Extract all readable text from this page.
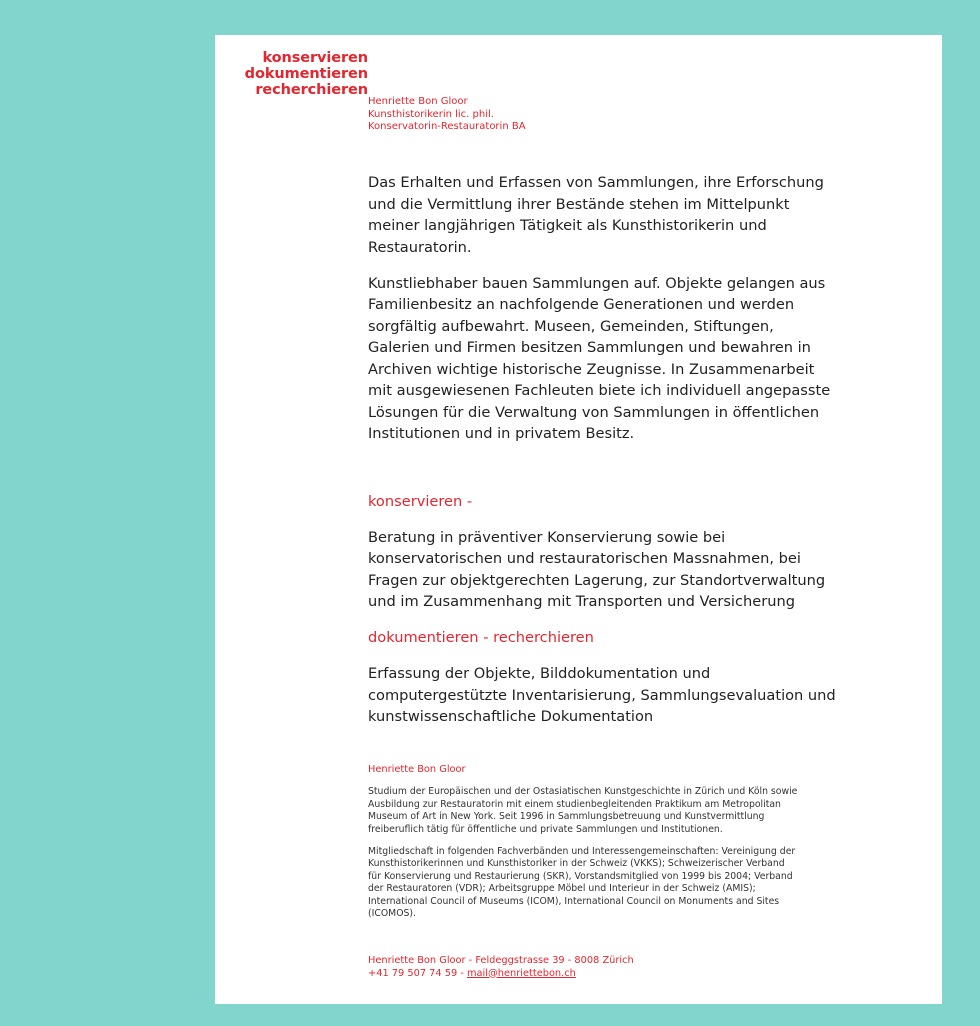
konservieren
dokumentieren
recherchieren
Henriette Bon Gloor
Kunsthistorikerin lic. phil.
Konservatorin-Restauratorin BA

Das Erhalten und Erfassen von Sammlungen, ihre Erforschung und die Vermittlung ihrer Bestände stehen im Mittelpunkt meiner langjährigen Tätigkeit als Kunsthistorikerin und Restauratorin.

Kunstliebhaber bauen Sammlungen auf. Objekte gelangen aus Familienbesitz an nachfolgende Generationen und werden sorgfältig aufbewahrt. Museen, Gemeinden, Stiftungen, Galerien und Firmen besitzen Sammlungen und bewahren in Archiven wichtige historische Zeugnisse. In Zusammenarbeit mit ausgewiesenen Fachleuten biete ich individuell angepasste Lösungen für die Verwaltung von Sammlungen in öffentlichen Institutionen und in privatem Besitz.

konservieren -

Beratung in präventiver Konservierung sowie bei konservatorischen und restauratorischen Massnahmen, bei Fragen zur objektgerechten Lagerung, zur Standortverwaltung und im Zusammenhang mit Transporten und Versicherung

dokumentieren - recherchieren

Erfassung der Objekte, Bilddokumentation und computergestützte Inventarisierung, Sammlungsevaluation und kunstwissenschaftliche Dokumentation

Henriette Bon Gloor

Studium der Europäischen und der Ostasiatischen Kunstgeschichte in Zürich und Köln sowie Ausbildung zur Restauratorin mit einem studienbegleitenden Praktikum am Metropolitan Museum of Art in New York. Seit 1996 in Sammlungsbetreuung und Kunstvermittlung freiberuflich tätig für öffentliche und private Sammlungen und Institutionen.

Mitgliedschaft in folgenden Fachverbänden und Interessengemeinschaften: Vereinigung der Kunsthistorikerinnen und Kunsthistoriker in der Schweiz (VKKS); Schweizerischer Verband für Konservierung und Restaurierung (SKR), Vorstandsmitglied von 1999 bis 2004; Verband der Restauratoren (VDR); Arbeitsgruppe Möbel und Interieur in der Schweiz (AMIS); International Council of Museums (ICOM), International Council on Monuments and Sites (ICOMOS).

Henriette Bon Gloor - Feldeggstrasse 39 - 8008 Zürich
+41 79 507 74 59 - mail@henriettebon.ch
